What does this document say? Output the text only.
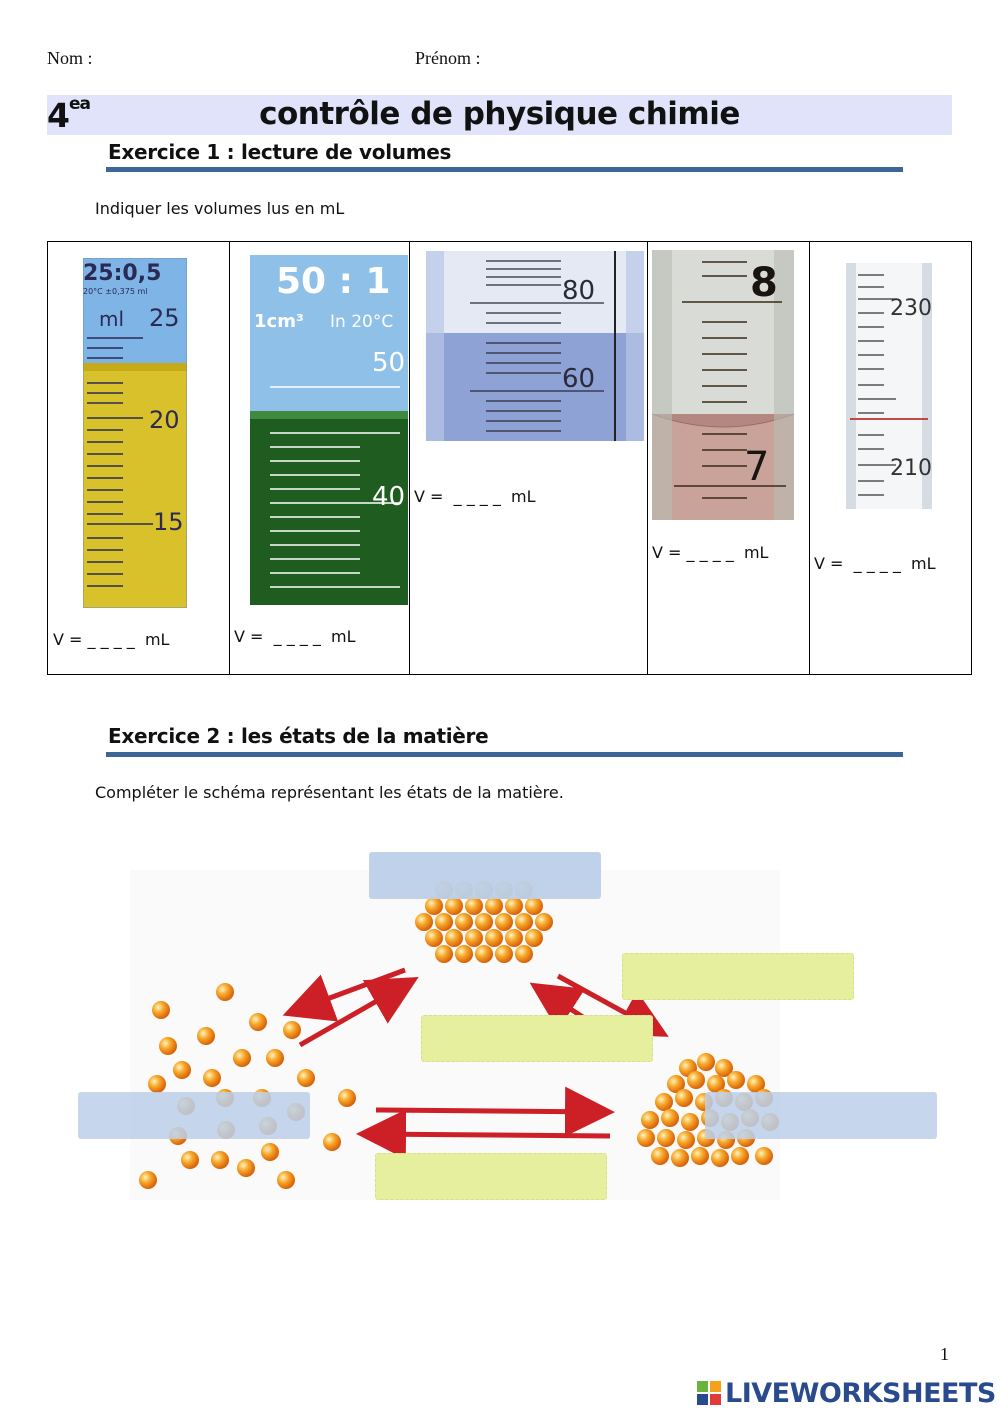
Nom :	Prénom :
$4^{ea}$	contrôle de physique chimie
Exercice 1 : lecture de volumes
Indiquer les volumes lus en mL
25:0,5
20°C ±0,375 ml
ml 25
20
15
V = _ _ _ _  mL

50 : 1
1cm³ In 20°C
50
40
V =  _ _ _ _  mL

80
60
V =  _ _ _ _  mL

8
7
V = _ _ _ _  mL

230
210
V =  _ _ _ _  mL
Exercice 2 : les états de la matière
Compléter le schéma représentant les états de la matière.
1
LIVEWORKSHEETS
